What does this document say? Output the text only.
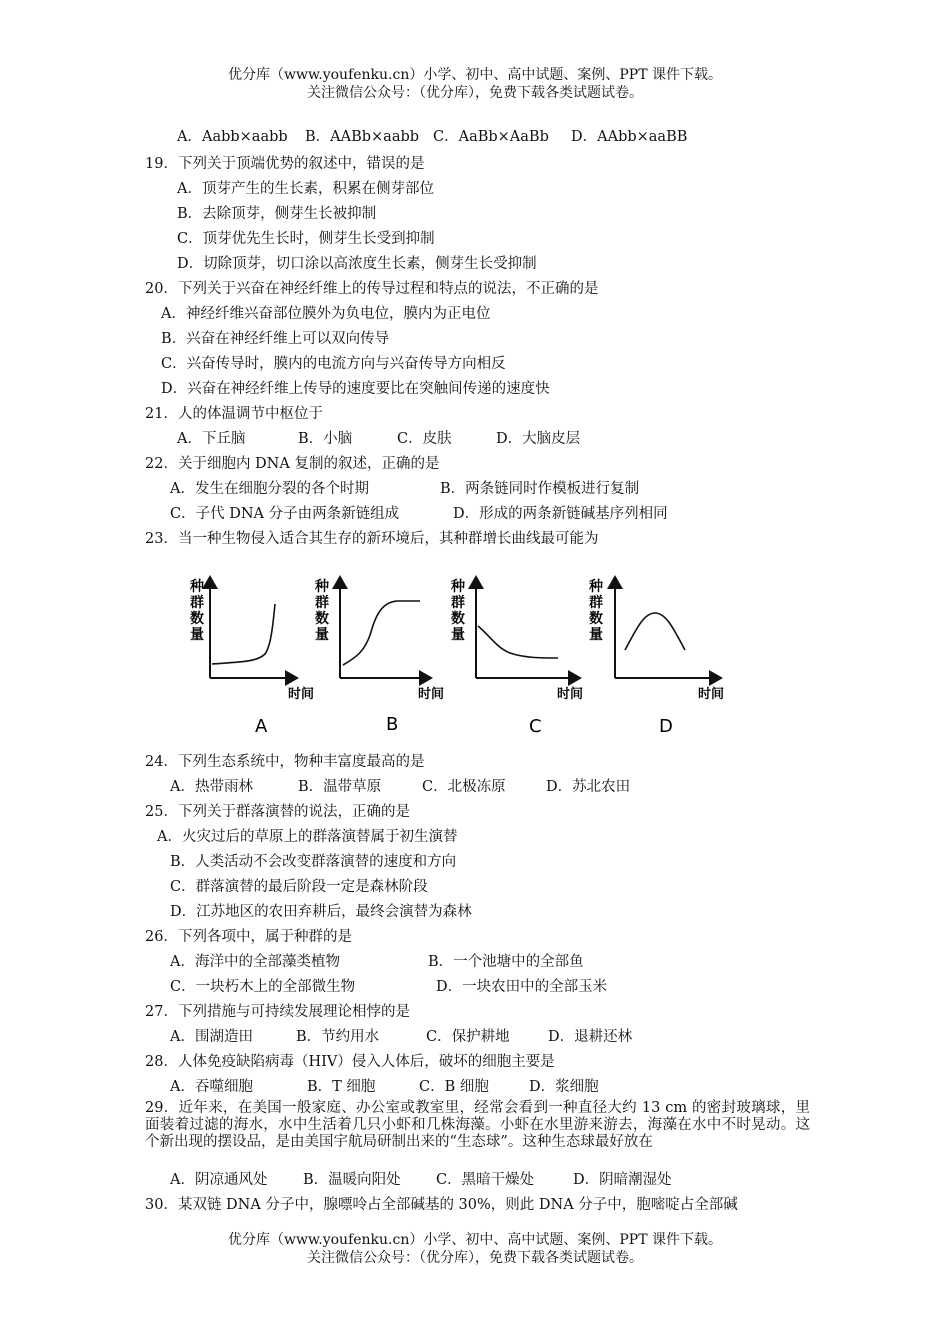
优分库（www.youfenku.cn）小学、初中、高中试题、案例、PPT 课件下载。
关注微信公众号：（优分库），免费下载各类试题试卷。
A．Aabb×aabb B．AABb×aabb C．AaBb×AaBb D．AAbb×aaBB
19．下列关于顶端优势的叙述中，错误的是
A．顶芽产生的生长素，积累在侧芽部位
B．去除顶芽，侧芽生长被抑制
C．顶芽优先生长时，侧芽生长受到抑制
D．切除顶芽，切口涂以高浓度生长素，侧芽生长受抑制
20．下列关于兴奋在神经纤维上的传导过程和特点的说法，不正确的是
A．神经纤维兴奋部位膜外为负电位，膜内为正电位
B．兴奋在神经纤维上可以双向传导
C．兴奋传导时，膜内的电流方向与兴奋传导方向相反
D．兴奋在神经纤维上传导的速度要比在突触间传递的速度快
21．人的体温调节中枢位于
A．下丘脑	B．小脑	C．皮肤	D．大脑皮层
22．关于细胞内 DNA 复制的叙述，正确的是
A．发生在细胞分裂的各个时期	B．两条链同时作模板进行复制
C．子代 DNA 分子由两条新链组成	D．形成的两条新链碱基序列相同
23．当一种生物侵入适合其生存的新环境后，其种群增长曲线最可能为
种
群
数
量
时间
A
种
群
数
量
时间
B
种
群
数
量
时间
C
种
群
数
量
时间
D
24．下列生态系统中，物种丰富度最高的是
A．热带雨林	B．温带草原	C．北极冻原	D．苏北农田
25．下列关于群落演替的说法，正确的是
A．火灾过后的草原上的群落演替属于初生演替
B．人类活动不会改变群落演替的速度和方向
C．群落演替的最后阶段一定是森林阶段
D．江苏地区的农田弃耕后，最终会演替为森林
26．下列各项中，属于种群的是
A．海洋中的全部藻类植物	B．一个池塘中的全部鱼
C．一块朽木上的全部微生物	D．一块农田中的全部玉米
27．下列措施与可持续发展理论相悖的是
A．围湖造田	B．节约用水	C．保护耕地	D．退耕还林
28．人体免疫缺陷病毒（HIV）侵入人体后，破坏的细胞主要是
A．吞噬细胞	B．T 细胞	C．B 细胞	D．浆细胞
29．近年来，在美国一般家庭、办公室或教室里，经常会看到一种直径大约 13 cm 的密封玻璃球，里面装着过滤的海水，水中生活着几只小虾和几株海藻。小虾在水里游来游去，海藻在水中不时晃动。这个新出现的摆设品，是由美国宇航局研制出来的“生态球”。这种生态球最好放在
A．阴凉通风处 B．温暖向阳处 C．黑暗干燥处	D．阴暗潮湿处
30．某双链 DNA 分子中，腺嘌呤占全部碱基的 30%，则此 DNA 分子中，胞嘧啶占全部碱
优分库（www.youfenku.cn）小学、初中、高中试题、案例、PPT 课件下载。
关注微信公众号：（优分库），免费下载各类试题试卷。
